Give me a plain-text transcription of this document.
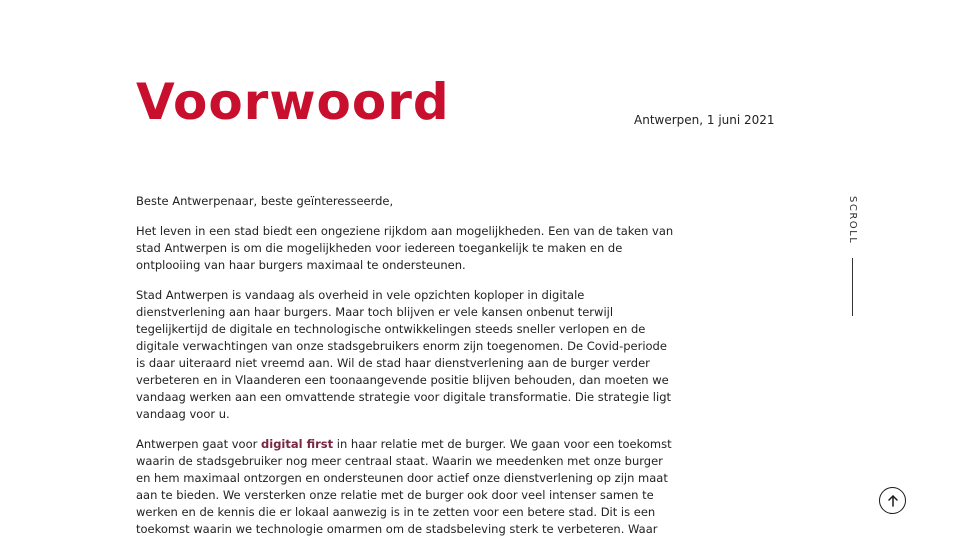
Voorwoord	Antwerpen, 1 juni 2021

Beste Antwerpenaar, beste geïnteresseerde,

Het leven in een stad biedt een ongeziene rijkdom aan mogelijkheden. Een van de taken van
stad Antwerpen is om die mogelijkheden voor iedereen toegankelijk te maken en de
ontplooiing van haar burgers maximaal te ondersteunen.

Stad Antwerpen is vandaag als overheid in vele opzichten koploper in digitale
dienstverlening aan haar burgers. Maar toch blijven er vele kansen onbenut terwijl
tegelijkertijd de digitale en technologische ontwikkelingen steeds sneller verlopen en de
digitale verwachtingen van onze stadsgebruikers enorm zijn toegenomen. De Covid-periode
is daar uiteraard niet vreemd aan. Wil de stad haar dienstverlening aan de burger verder
verbeteren en in Vlaanderen een toonaangevende positie blijven behouden, dan moeten we
vandaag werken aan een omvattende strategie voor digitale transformatie. Die strategie ligt
vandaag voor u.

Antwerpen gaat voor digital first in haar relatie met de burger. We gaan voor een toekomst
waarin de stadsgebruiker nog meer centraal staat. Waarin we meedenken met onze burger
en hem maximaal ontzorgen en ondersteunen door actief onze dienstverlening op zijn maat
aan te bieden. We versterken onze relatie met de burger ook door veel intenser samen te
werken en de kennis die er lokaal aanwezig is in te zetten voor een betere stad. Dit is een
toekomst waarin we technologie omarmen om de stadsbeleving sterk te verbeteren. Waar

SCROLL
